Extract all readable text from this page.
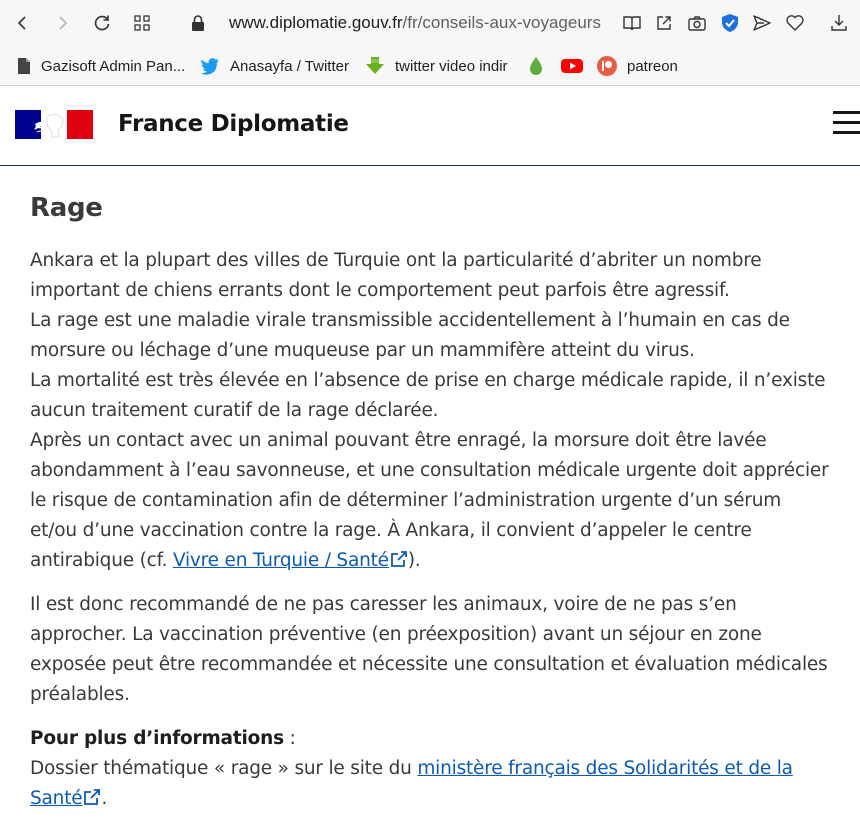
www.diplomatie.gouv.fr/fr/conseils-aux-voyageurs
Gazisoft Admin Pan...	Anasayfa / Twitter	twitter video indir	patreon
France Diplomatie
Rage

Ankara et la plupart des villes de Turquie ont la particularité d’abriter un nombre
important de chiens errants dont le comportement peut parfois être agressif.
La rage est une maladie virale transmissible accidentellement à l’humain en cas de
morsure ou léchage d’une muqueuse par un mammifère atteint du virus.
La mortalité est très élevée en l’absence de prise en charge médicale rapide, il n’existe
aucun traitement curatif de la rage déclarée.
Après un contact avec un animal pouvant être enragé, la morsure doit être lavée
abondamment à l’eau savonneuse, et une consultation médicale urgente doit apprécier
le risque de contamination afin de déterminer l’administration urgente d’un sérum
et/ou d’une vaccination contre la rage. À Ankara, il convient d’appeler le centre
antirabique (cf. Vivre en Turquie / Santé ).

Il est donc recommandé de ne pas caresser les animaux, voire de ne pas s’en
approcher. La vaccination préventive (en préexposition) avant un séjour en zone
exposée peut être recommandée et nécessite une consultation et évaluation médicales
préalables.

Pour plus d’informations :
Dossier thématique « rage » sur le site du ministère français des Solidarités et de la
Santé .
